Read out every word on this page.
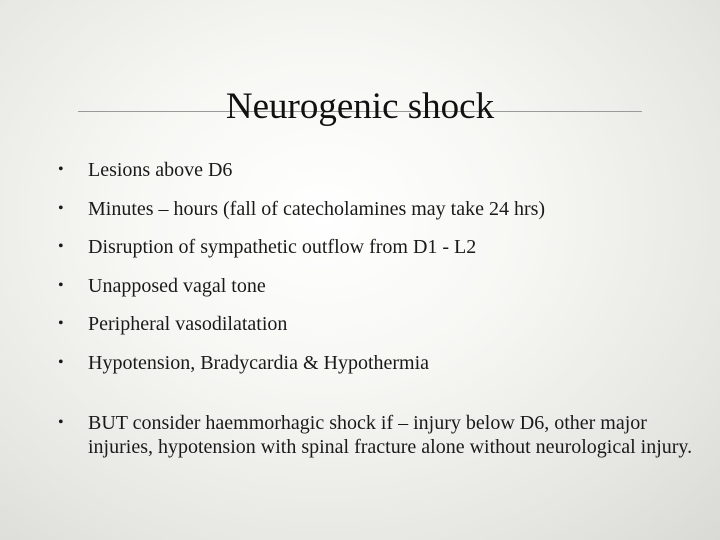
Neurogenic shock
•	Lesions above D6
•	Minutes – hours (fall of catecholamines may take 24 hrs)
•	Disruption of sympathetic outflow from D1 - L2
•	Unapposed vagal tone
•	Peripheral vasodilatation
•	Hypotension, Bradycardia & Hypothermia
•	BUT consider haemmorhagic shock if – injury below D6, other major injuries, hypotension with spinal fracture alone without neurological injury.
